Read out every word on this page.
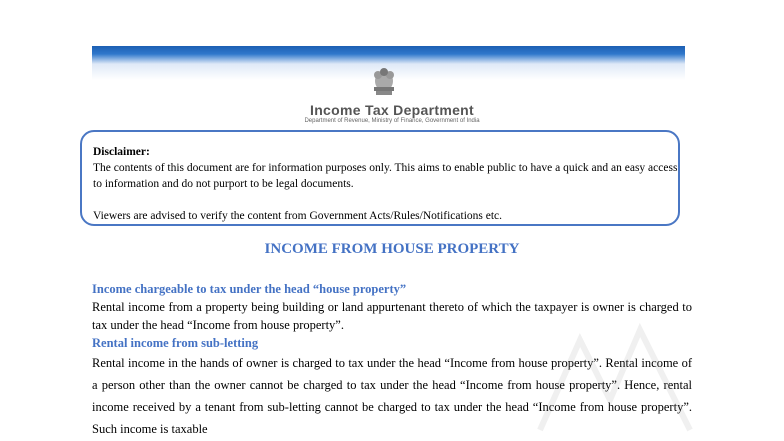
Income Tax Department
Department of Revenue, Ministry of Finance, Government of India
Disclaimer:
The contents of this document are for information purposes only. This aims to enable public to have a quick and an easy access to information and do not purport to be legal documents.
Viewers are advised to verify the content from Government Acts/Rules/Notifications etc.
INCOME FROM HOUSE PROPERTY
Income chargeable to tax under the head “house property”
Rental income from a property being building or land appurtenant thereto of which the taxpayer is owner is charged to tax under the head “Income from house property”.
Rental income from sub-letting
Rental income in the hands of owner is charged to tax under the head “Income from house property”. Rental income of a person other than the owner cannot be charged to tax under the head “Income from house property”. Hence, rental income received by a tenant from sub-letting cannot be charged to tax under the head “Income from house property”. Such income is taxable
